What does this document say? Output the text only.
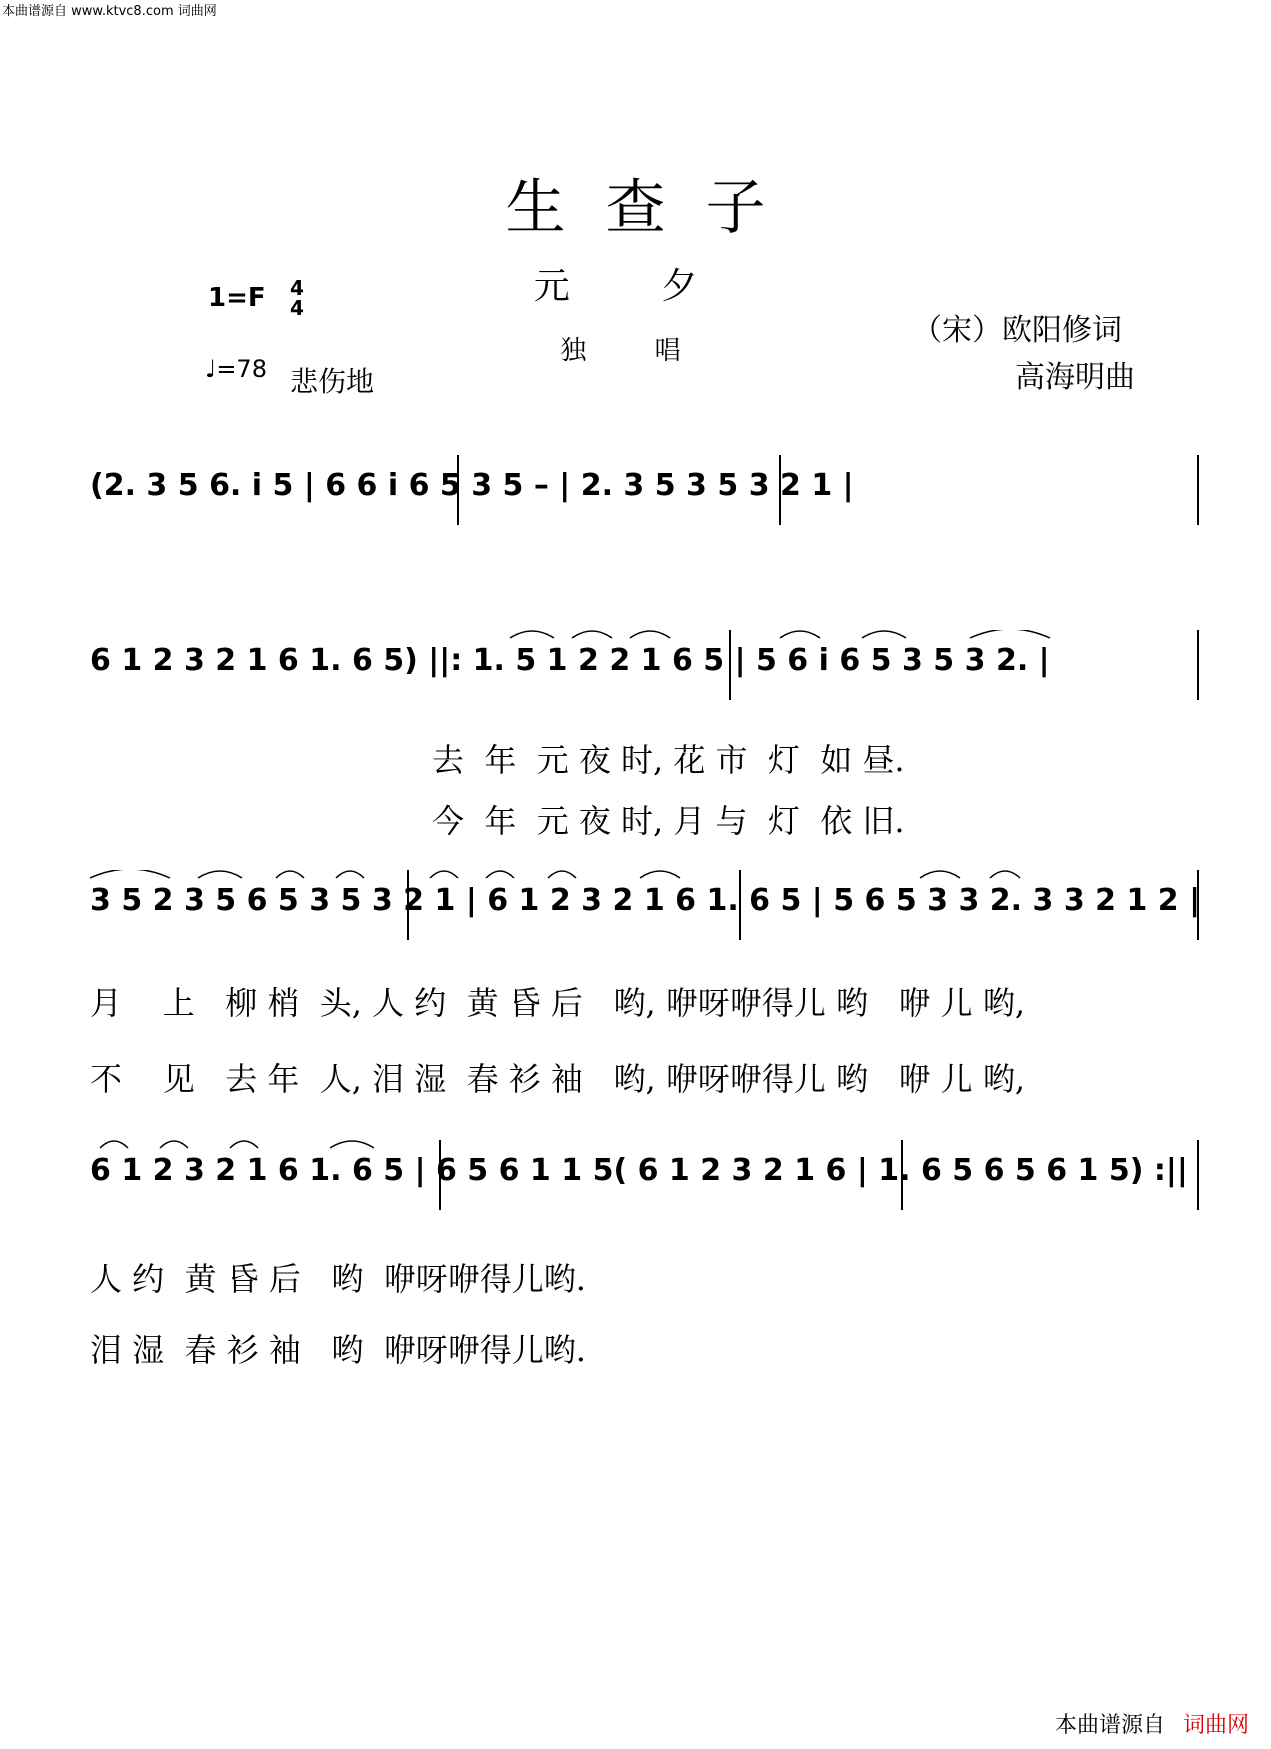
本曲谱源自 www.ktvc8.com 词曲网
生查子
元 夕
独 唱
1=F 4
4
♩=78 悲伤地
（宋）欧阳修词
高海明曲
(2. 3 5 6. i 5 | 6 6 i 6 5 3 5 – | 2. 3 5 3 5 3 2 1 |
6 1 2 3 2 1 6 1. 6 5) ||: 1. 5 1 2 2 1 6 5 | 5 6 i 6 5 3 5 3 2. |
去  年  元 夜 时, 花 市  灯  如 昼.
今  年  元 夜 时, 月 与  灯  依 旧.
3 5 2 3 5 6 5 3 5 3 2 1 | 6 1 2 3 2 1 6 1. 6 5 | 5 6 5 3 3 2. 3 3 2 1 2 |
月    上   柳 梢  头, 人 约  黄 昏 后   哟, 咿呀咿得儿 哟   咿 儿 哟,
不    见   去 年  人, 泪 湿  春 衫 袖   哟, 咿呀咿得儿 哟   咿 儿 哟,
6 1 2 3 2 1 6 1. 6 5 | 6 5 6 1 1 5( 6 1 2 3 2 1 6 | 1. 6 5 6 5 6 1 5) :||
人 约  黄 昏 后   哟  咿呀咿得儿哟.
泪 湿  春 衫 袖   哟  咿呀咿得儿哟.
本曲谱源自 词曲网
